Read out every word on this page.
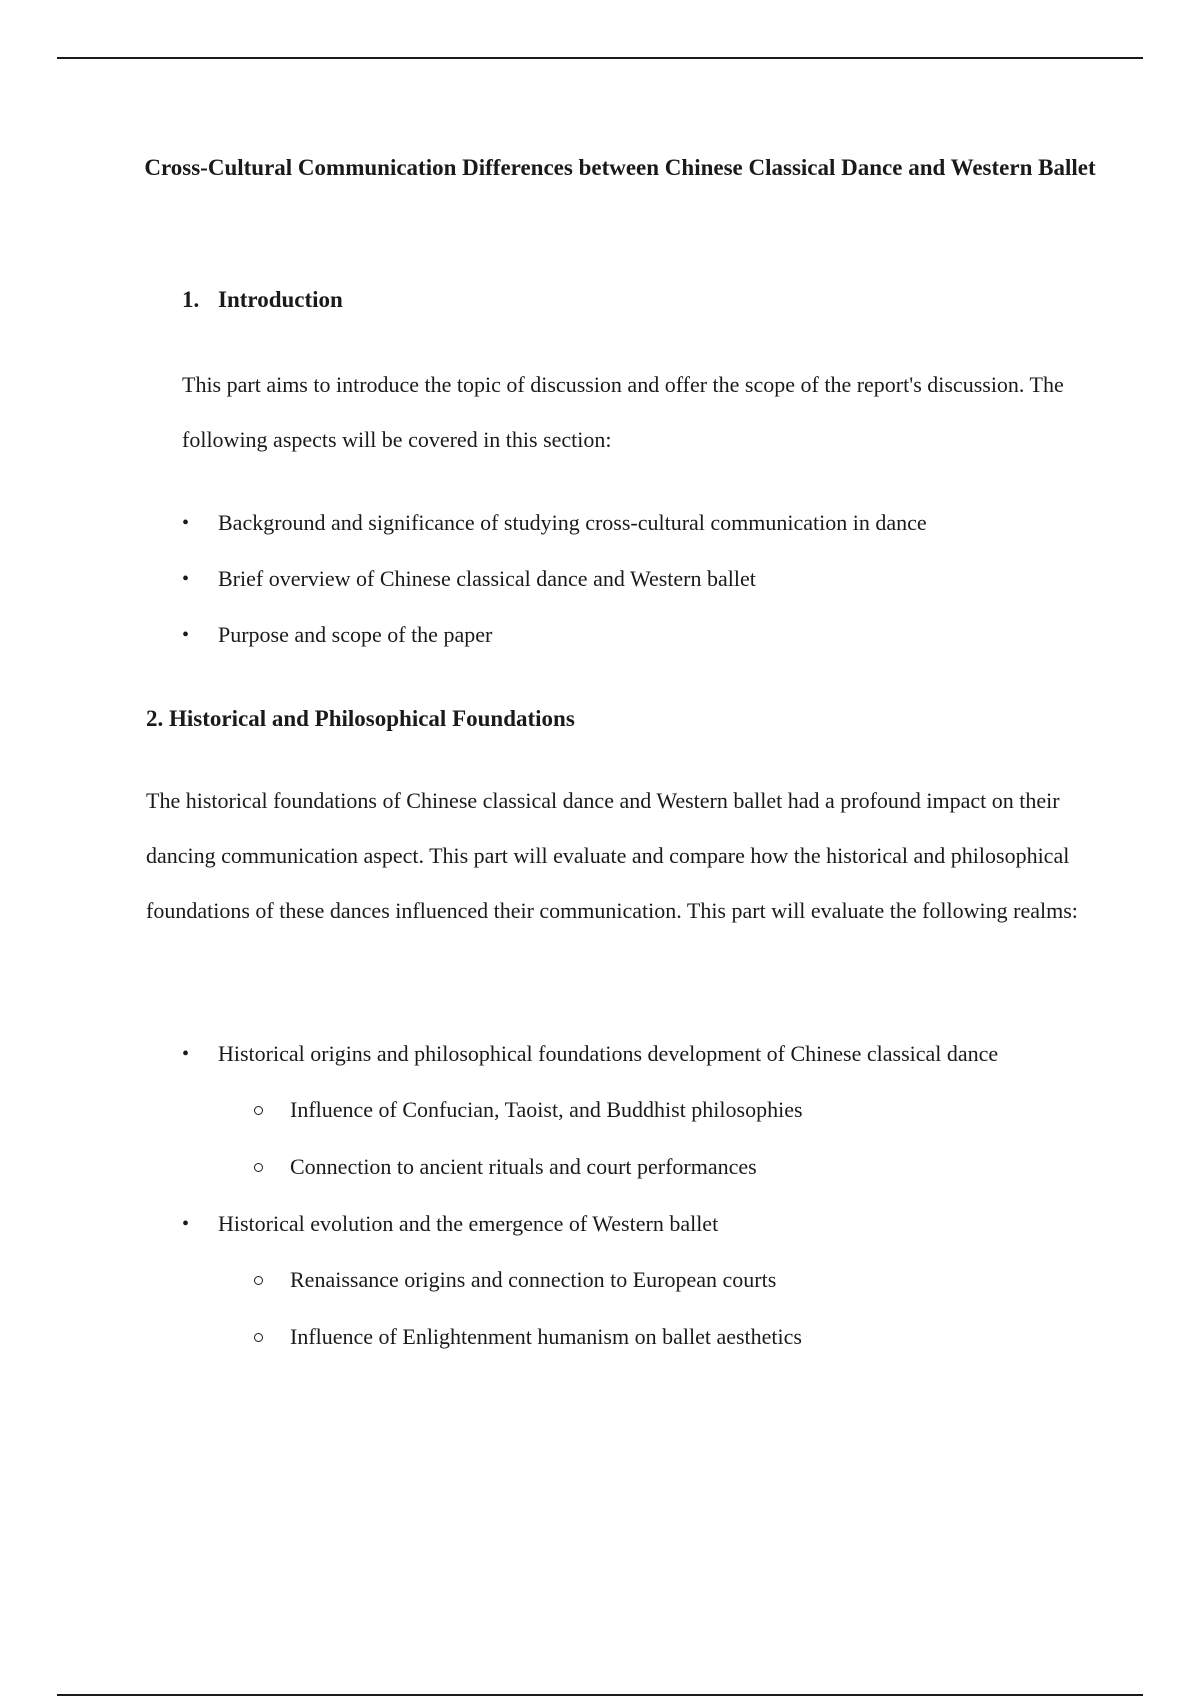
Cross-Cultural Communication Differences between Chinese Classical Dance and Western Ballet
1. Introduction
This part aims to introduce the topic of discussion and offer the scope of the report's discussion. The following aspects will be covered in this section:
•	Background and significance of studying cross-cultural communication in dance
•	Brief overview of Chinese classical dance and Western ballet
•	Purpose and scope of the paper
2. Historical and Philosophical Foundations
The historical foundations of Chinese classical dance and Western ballet had a profound impact on their dancing communication aspect. This part will evaluate and compare how the historical and philosophical foundations of these dances influenced their communication. This part will evaluate the following realms:
•	Historical origins and philosophical foundations development of Chinese classical dance
Influence of Confucian, Taoist, and Buddhist philosophies
Connection to ancient rituals and court performances
•	Historical evolution and the emergence of Western ballet
Renaissance origins and connection to European courts
Influence of Enlightenment humanism on ballet aesthetics
